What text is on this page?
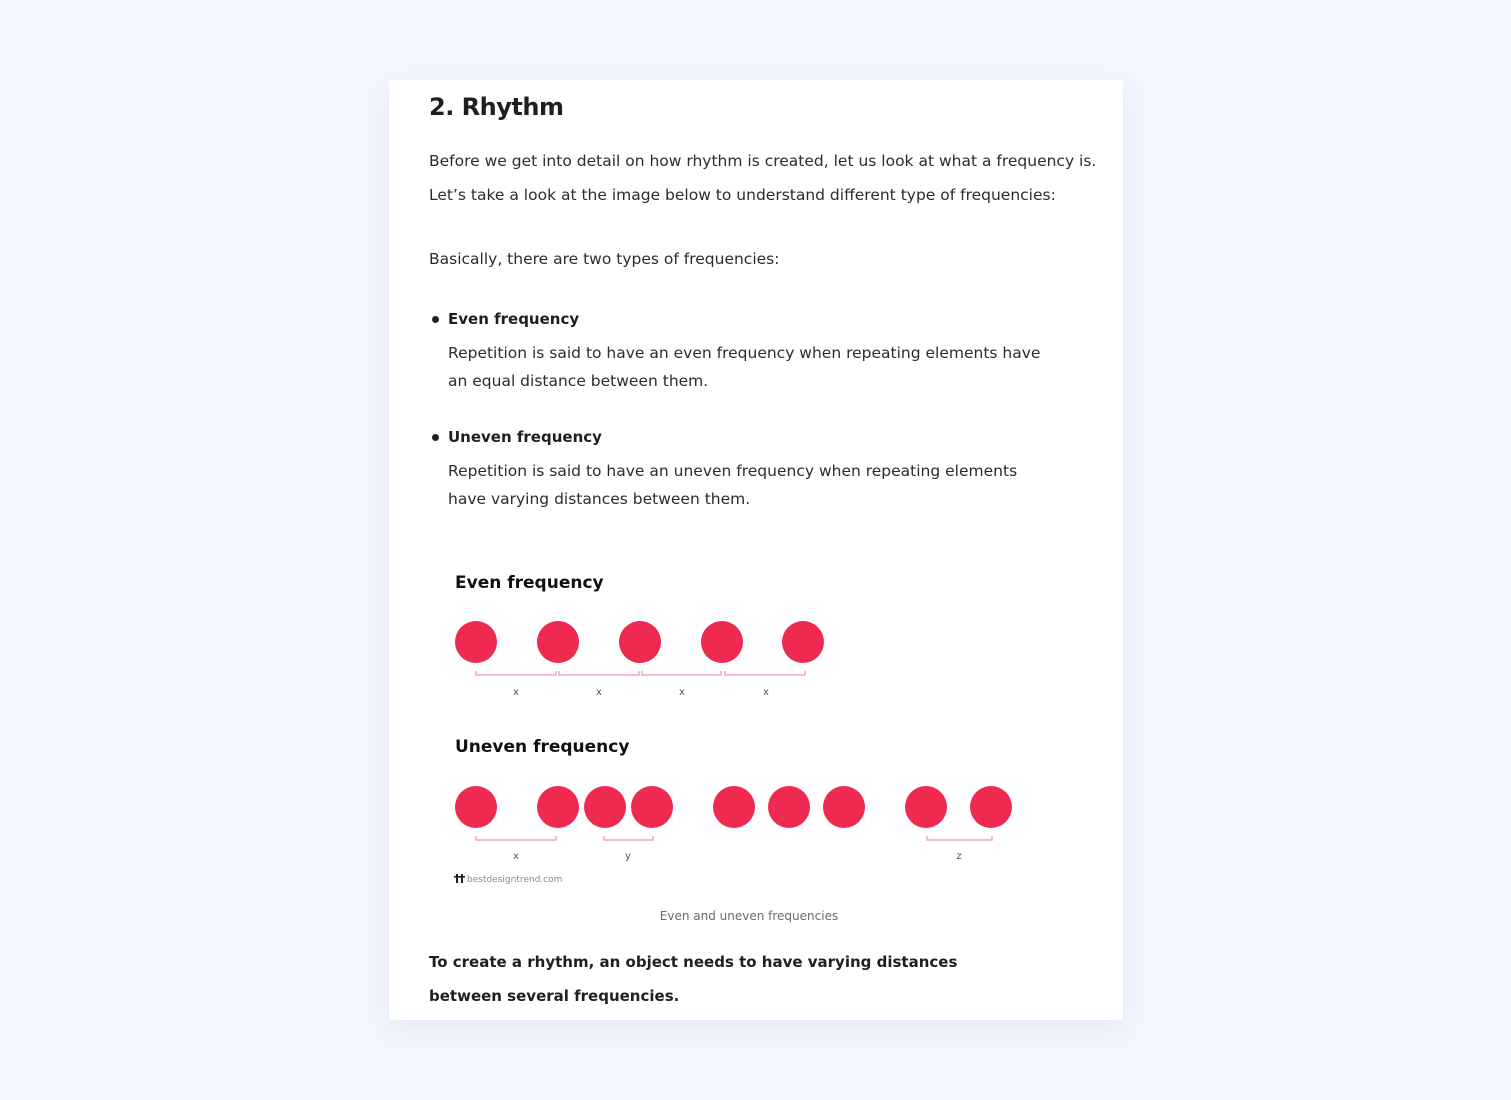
2. Rhythm

Before we get into detail on how rhythm is created, let us look at what a frequency is.

Let’s take a look at the image below to understand different type of frequencies:

Basically, there are two types of frequencies:

Even frequency
Repetition is said to have an even frequency when repeating elements have an equal distance between them.
Uneven frequency
Repetition is said to have an uneven frequency when repeating elements have varying distances between them.
Even frequency
x	x	x	x
Uneven frequency
x	y	z
bestdesigntrend.com
Even and uneven frequencies

To create a rhythm, an object needs to have varying distances between several frequencies.
